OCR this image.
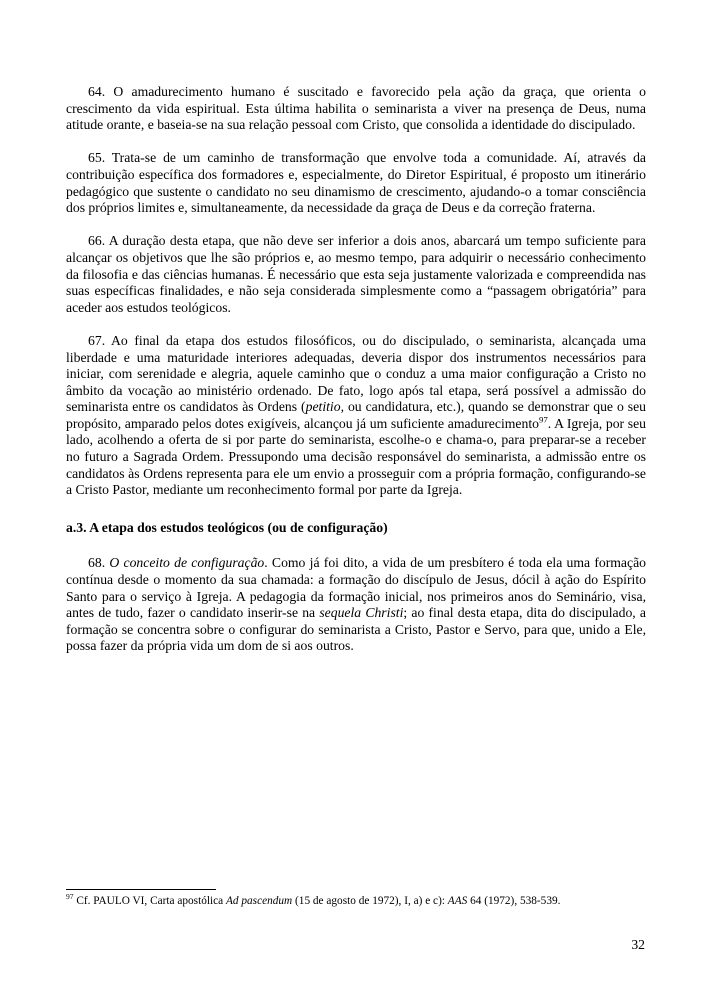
64. O amadurecimento humano é suscitado e favorecido pela ação da graça, que orienta o crescimento da vida espiritual. Esta última habilita o seminarista a viver na presença de Deus, numa atitude orante, e baseia-se na sua relação pessoal com Cristo, que consolida a identidade do discipulado.

65. Trata-se de um caminho de transformação que envolve toda a comunidade. Aí, através da contribuição específica dos formadores e, especialmente, do Diretor Espiritual, é proposto um itinerário pedagógico que sustente o candidato no seu dinamismo de crescimento, ajudando-o a tomar consciência dos próprios limites e, simultaneamente, da necessidade da graça de Deus e da correção fraterna.

66. A duração desta etapa, que não deve ser inferior a dois anos, abarcará um tempo suficiente para alcançar os objetivos que lhe são próprios e, ao mesmo tempo, para adquirir o necessário conhecimento da filosofia e das ciências humanas. É necessário que esta seja justamente valorizada e compreendida nas suas específicas finalidades, e não seja considerada simplesmente como a “passagem obrigatória” para aceder aos estudos teológicos.

67. Ao final da etapa dos estudos filosóficos, ou do discipulado, o seminarista, alcançada uma liberdade e uma maturidade interiores adequadas, deveria dispor dos instrumentos necessários para iniciar, com serenidade e alegria, aquele caminho que o conduz a uma maior configuração a Cristo no âmbito da vocação ao ministério ordenado. De fato, logo após tal etapa, será possível a admissão do seminarista entre os candidatos às Ordens (petitio, ou candidatura, etc.), quando se demonstrar que o seu propósito, amparado pelos dotes exigíveis, alcançou já um suficiente amadurecimento$^{97}$. A Igreja, por seu lado, acolhendo a oferta de si por parte do seminarista, escolhe-o e chama-o, para preparar-se a receber no futuro a Sagrada Ordem. Pressupondo uma decisão responsável do seminarista, a admissão entre os candidatos às Ordens representa para ele um envio a prosseguir com a própria formação, configurando-se a Cristo Pastor, mediante um reconhecimento formal por parte da Igreja.

a.3. A etapa dos estudos teológicos (ou de configuração)

68. O conceito de configuração. Como já foi dito, a vida de um presbítero é toda ela uma formação contínua desde o momento da sua chamada: a formação do discípulo de Jesus, dócil à ação do Espírito Santo para o serviço à Igreja. A pedagogia da formação inicial, nos primeiros anos do Seminário, visa, antes de tudo, fazer o candidato inserir-se na sequela Christi; ao final desta etapa, dita do discipulado, a formação se concentra sobre o configurar do seminarista a Cristo, Pastor e Servo, para que, unido a Ele, possa fazer da própria vida um dom de si aos outros.

$^{97}$ Cf. PAULO VI, Carta apostólica Ad pascendum (15 de agosto de 1972), I, a) e c): AAS 64 (1972), 538-539.
32
